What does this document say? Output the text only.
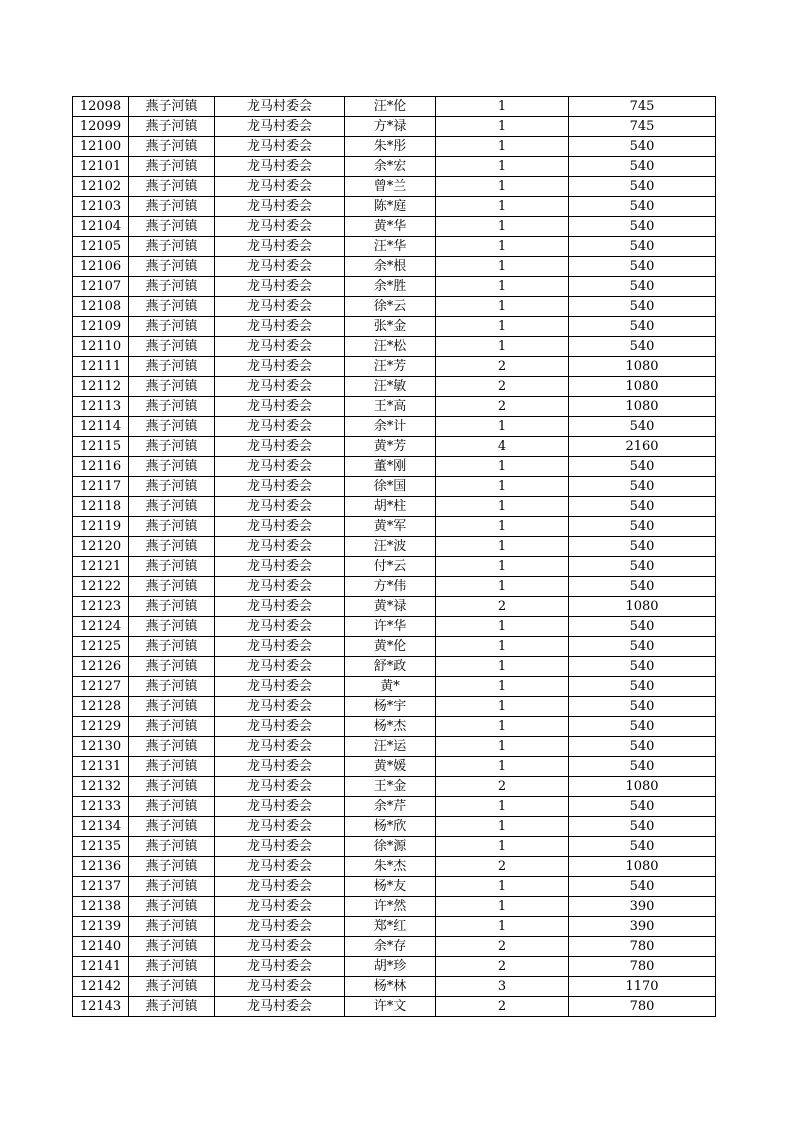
12098	燕子河镇	龙马村委会	汪*伦	1	745
12099	燕子河镇	龙马村委会	方*禄	1	745
12100	燕子河镇	龙马村委会	朱*彤	1	540
12101	燕子河镇	龙马村委会	余*宏	1	540
12102	燕子河镇	龙马村委会	曾*兰	1	540
12103	燕子河镇	龙马村委会	陈*庭	1	540
12104	燕子河镇	龙马村委会	黄*华	1	540
12105	燕子河镇	龙马村委会	汪*华	1	540
12106	燕子河镇	龙马村委会	余*根	1	540
12107	燕子河镇	龙马村委会	余*胜	1	540
12108	燕子河镇	龙马村委会	徐*云	1	540
12109	燕子河镇	龙马村委会	张*金	1	540
12110	燕子河镇	龙马村委会	汪*松	1	540
12111	燕子河镇	龙马村委会	汪*芳	2	1080
12112	燕子河镇	龙马村委会	汪*敏	2	1080
12113	燕子河镇	龙马村委会	王*高	2	1080
12114	燕子河镇	龙马村委会	余*计	1	540
12115	燕子河镇	龙马村委会	黄*芳	4	2160
12116	燕子河镇	龙马村委会	董*刚	1	540
12117	燕子河镇	龙马村委会	徐*国	1	540
12118	燕子河镇	龙马村委会	胡*柱	1	540
12119	燕子河镇	龙马村委会	黄*军	1	540
12120	燕子河镇	龙马村委会	汪*波	1	540
12121	燕子河镇	龙马村委会	付*云	1	540
12122	燕子河镇	龙马村委会	方*伟	1	540
12123	燕子河镇	龙马村委会	黄*禄	2	1080
12124	燕子河镇	龙马村委会	许*华	1	540
12125	燕子河镇	龙马村委会	黄*伦	1	540
12126	燕子河镇	龙马村委会	舒*政	1	540
12127	燕子河镇	龙马村委会	黄*	1	540
12128	燕子河镇	龙马村委会	杨*宇	1	540
12129	燕子河镇	龙马村委会	杨*杰	1	540
12130	燕子河镇	龙马村委会	汪*运	1	540
12131	燕子河镇	龙马村委会	黄*媛	1	540
12132	燕子河镇	龙马村委会	王*金	2	1080
12133	燕子河镇	龙马村委会	余*芹	1	540
12134	燕子河镇	龙马村委会	杨*欣	1	540
12135	燕子河镇	龙马村委会	徐*源	1	540
12136	燕子河镇	龙马村委会	朱*杰	2	1080
12137	燕子河镇	龙马村委会	杨*友	1	540
12138	燕子河镇	龙马村委会	许*然	1	390
12139	燕子河镇	龙马村委会	郑*红	1	390
12140	燕子河镇	龙马村委会	余*存	2	780
12141	燕子河镇	龙马村委会	胡*珍	2	780
12142	燕子河镇	龙马村委会	杨*林	3	1170
12143	燕子河镇	龙马村委会	许*文	2	780
